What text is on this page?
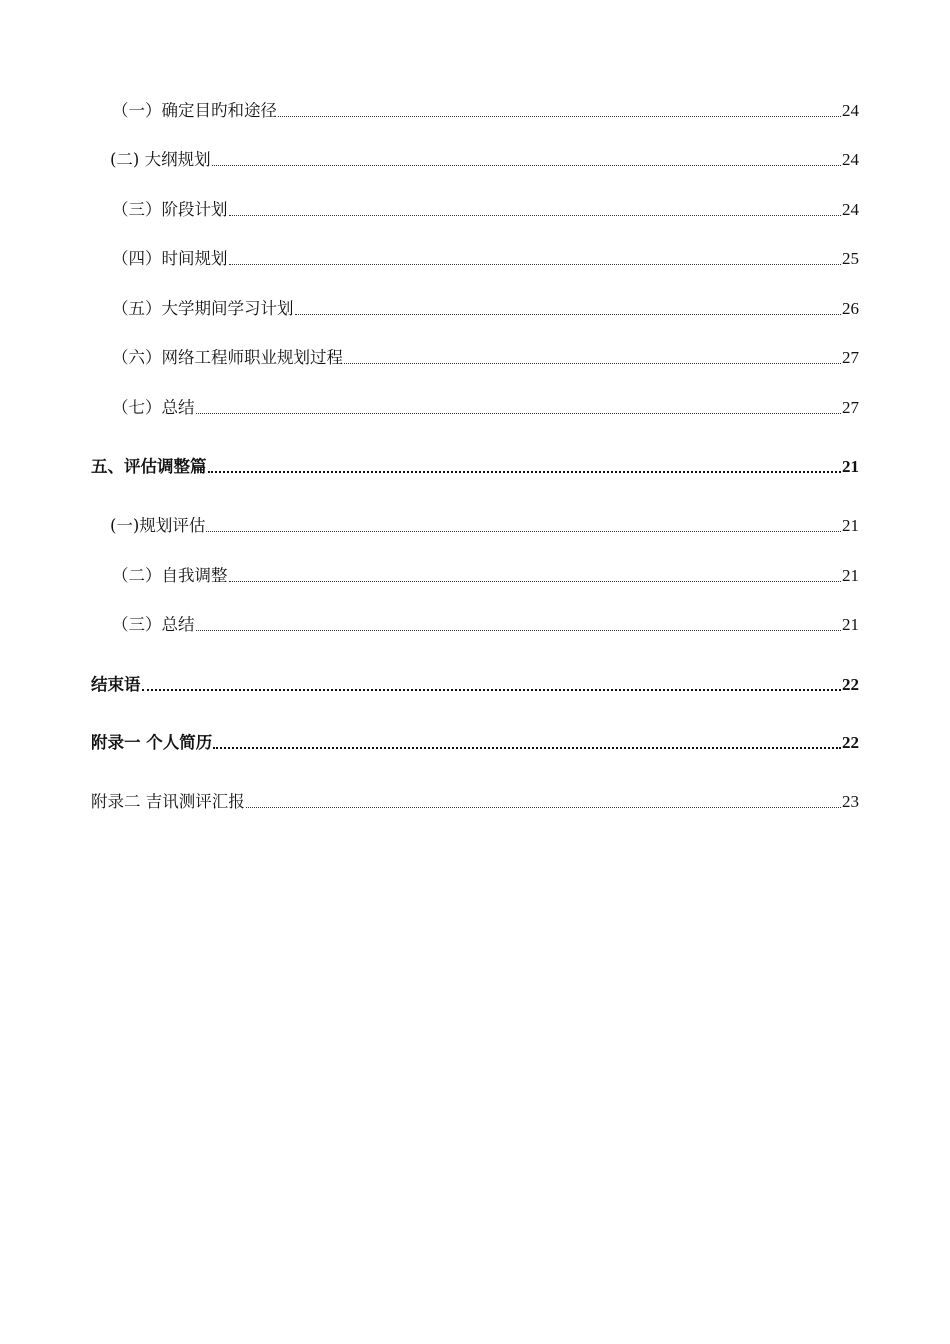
（一）确定目旳和途径	24
(二) 大纲规划	24
（三）阶段计划	24
（四）时间规划	25
（五）大学期间学习计划	26
（六）网络工程师职业规划过程	27
（七）总结	27
五、评估调整篇	21
(一)规划评估	21
（二）自我调整	21
（三）总结	21
结束语	22
附录一 个人简历	22
附录二 吉讯测评汇报	23
